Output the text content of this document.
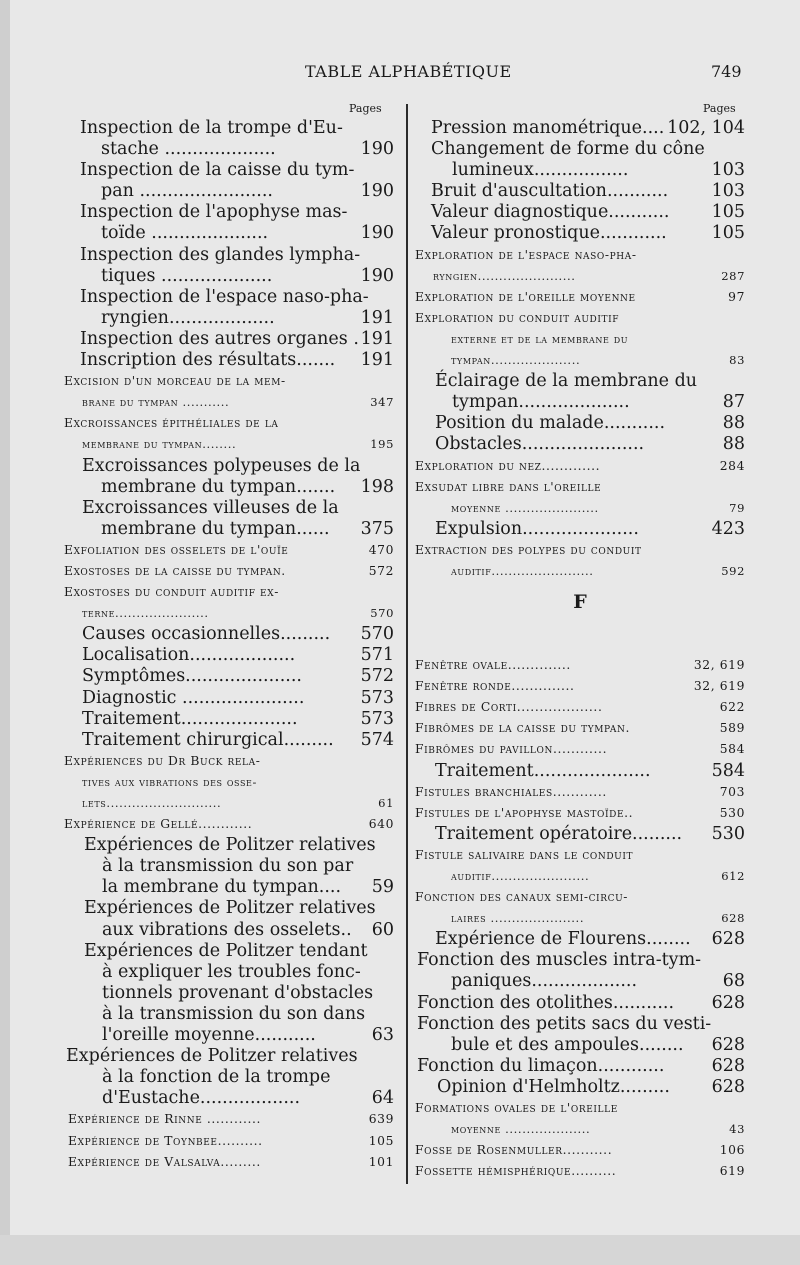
TABLE ALPHABÉTIQUE	749
Pages	Pages
Inspection de la trompe d'Eu-
stache ....................	190
Inspection de la caisse du tym-
pan ........................	190
Inspection de l'apophyse mas-
toïde .....................	190
Inspection des glandes lympha-
tiques ....................	190
Inspection de l'espace naso-pha-
ryngien...................	191
Inspection des autres organes . 191
Inscription des résultats....... 191
Excision d'un morceau de la mem-
brane du tympan ...........	347
Excroissances épithéliales de la
membrane du tympan........	195
Excroissances polypeuses de la
membrane du tympan....... 198
Excroissances villeuses de la
membrane du tympan...... 375
Exfoliation des osselets de l'ouïe	470
Exostoses de la caisse du tympan.	572
Exostoses du conduit auditif ex-
terne......................	570
Causes occasionnelles......... 570
Localisation...................	571
Symptômes.....................	572
Diagnostic ......................	573
Traitement.....................	573
Traitement chirurgical......... 574
Expériences du Dr Buck rela-
tives aux vibrations des osse-
lets...........................	61
Expérience de Gellé............	640
Expériences de Politzer relatives
à la transmission du son par
la membrane du tympan.... 59
Expériences de Politzer relatives
aux vibrations des osselets.. 60
Expériences de Politzer tendant
à expliquer les troubles fonc-
tionnels provenant d'obstacles
à la transmission du son dans
l'oreille moyenne...........	63
Expériences de Politzer relatives
à la fonction de la trompe
d'Eustache..................	64
Expérience de Rinne ............	639
Expérience de Toynbee..........	105
Expérience de Valsalva.........	101
Pression manométrique.... 102, 104
Changement de forme du cône
lumineux.................	103
Bruit d'auscultation........... 103
Valeur diagnostique........... 105
Valeur pronostique............	105
Exploration de l'espace naso-pha-
ryngien.......................	287
Exploration de l'oreille moyenne	97
Exploration du conduit auditif
externe et de la membrane du
tympan.....................	83
Éclairage de la membrane du
tympan....................	87
Position du malade...........	88
Obstacles......................	88
Exploration du nez.............	284
Exsudat libre dans l'oreille
moyenne ......................	79
Expulsion.....................	423
Extraction des polypes du conduit
auditif........................	592
F
Fenêtre ovale..............	32, 619
Fenêtre ronde..............	32, 619
Fibres de Corti...................	622
Fibrômes de la caisse du tympan.	589
Fibrômes du pavillon............	584
Traitement.....................	584
Fistules branchiales............	703
Fistules de l'apophyse mastoïde..	530
Traitement opératoire......... 530
Fistule salivaire dans le conduit
auditif.......................	612
Fonction des canaux semi-circu-
laires ......................	628
Expérience de Flourens........ 628
Fonction des muscles intra-tym-
paniques...................	68
Fonction des otolithes........... 628
Fonction des petits sacs du vesti-
bule et des ampoules........ 628
Fonction du limaçon............	628
Opinion d'Helmholtz......... 628
Formations ovales de l'oreille
moyenne ....................	43
Fosse de Rosenmuller...........	106
Fossette hémisphérique..........	619
